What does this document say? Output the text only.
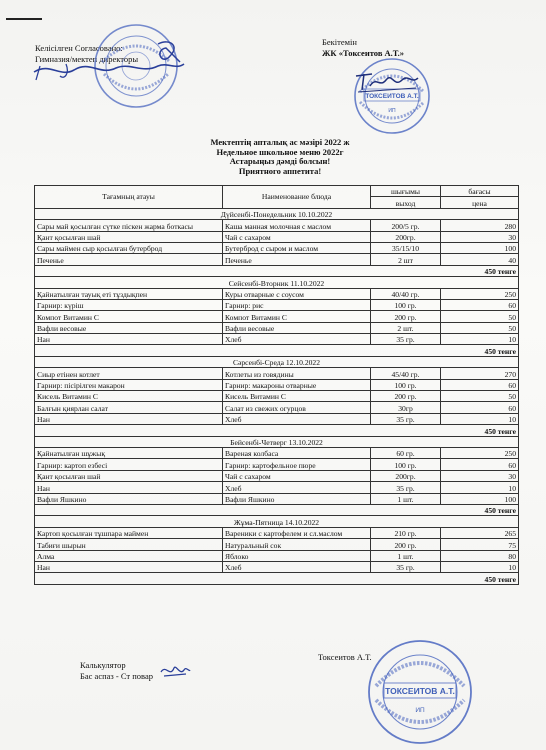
Келісілген Согласовано:
Гимназия/мектеп директоры
Бекітемін
ЖК «Токсеитов А.Т.»
ТОКСЕИТОВ А.Т.
ИП
Мектептің апталық ас мәзірі 2022 ж
Недельное школьное меню 2022г
Астарыңыз дәмді болсын!
Приятного аппетита!
Тағамның атауы	Наименование блюда	шығымы	бағасы
		выход	цена
Дүйсенбі-Понедельник 10.10.2022			
Сары май қосылған сүтке піскен жарма боткасы	Каша манная молочная с маслом	200/5 гр.	280
Қант қосылған шай	Чай с сахаром	200гр.	30
Сары маймен сыр қосылған бутерброд	Бутерброд с сыром и маслом	35/15/10	100
Печенье	Печенье	2 шт	40
450 тенге			
Сейсенбі-Вторник 11.10.2022			
Қайнатылған тауық еті тұздықпен	Куры отварные с соусом	40/40 гр.	250
Гарнир: күріш	Гарнир: рис	100 гр.	60
Компот Витамин С	Компот Витамин С	200 гр.	50
Вафли весовые	Вафли весовые	2 шт.	50
Нан	Хлеб	35 гр.	10
450 тенге			
Сәрсенбі-Среда 12.10.2022			
Сиыр етінен котлет	Котлеты из говядины	45/40 гр.	270
Гарнир: пісірілген макарон	Гарнир: макароны отварные	100 гр.	60
Кисель Витамин С	Кисель Витамин С	200 гр.	50
Балғын қиярлан салат	Салат из свежих огурцов	30гр	60
Нан	Хлеб	35 гр.	10
450 тенге			
Бейсенбі-Четверг 13.10.2022			
Қайнатылған шұжық	Вареная колбаса	60 гр.	250
Гарнир: картоп езбесі	Гарнир: картофельное пюре	100 гр.	60
Қант қосылған шай	Чай с сахаром	200гр.	30
Нан	Хлеб	35 гр.	10
Вафли Яшкино	Вафли Яшкино	1 шт.	100
450 тенге			
Жұма-Пятница 14.10.2022			
Картоп қосылған тұшпара маймен	Вареники с картофелем и сл.маслом	210 гр.	265
Табиғи шырын	Натуральный сок	200 гр.	75
Алма	Яблоко	1 шт.	80
Нан	Хлеб	35 гр.	10
450 тенге			
ТОКСЕИТОВ А.Т.
ИП
Калькулятор
Бас аспаз - Ст повар
Токсеитов А.Т.
